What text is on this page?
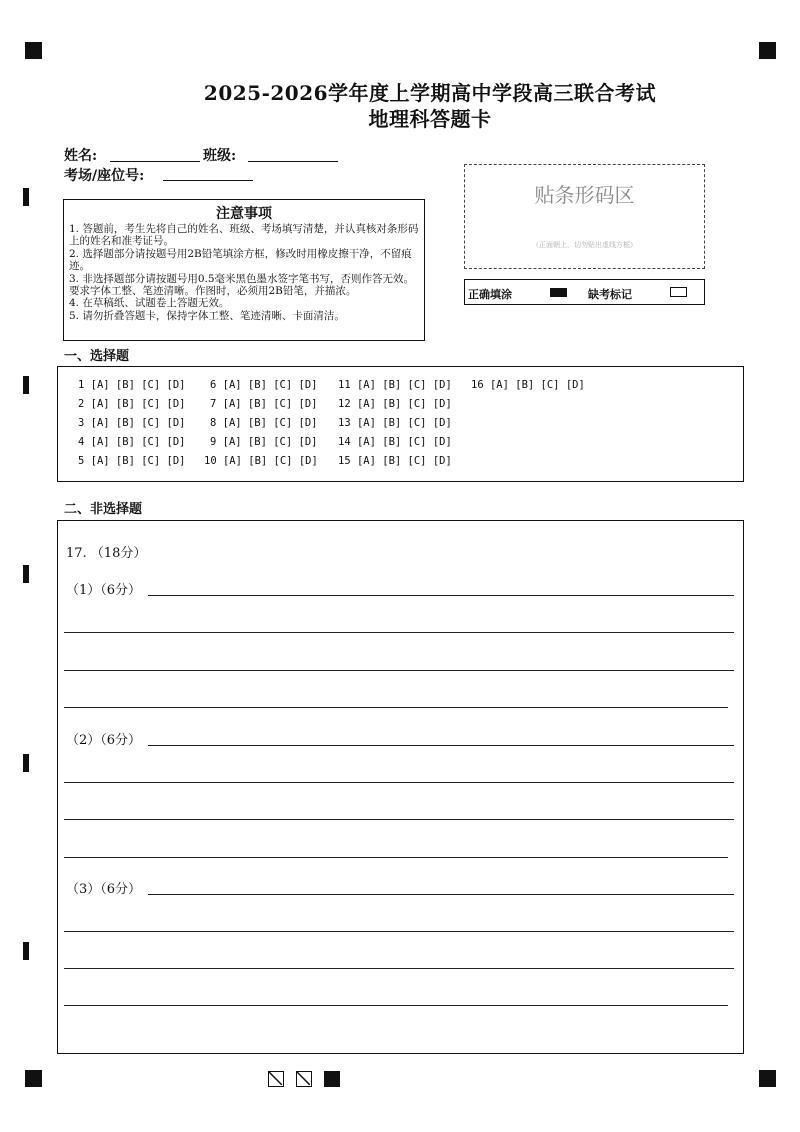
2025-2026学年度上学期高中学段高三联合考试
地理科答题卡
姓名:	班级:
考场/座位号:
注意事项
1. 答题前，考生先将自己的姓名、班级、考场填写清楚，并认真核对条形码上的姓名和准考证号。
2. 选择题部分请按题号用2B铅笔填涂方框，修改时用橡皮擦干净，不留痕迹。
3. 非选择题部分请按题号用0.5毫米黑色墨水签字笔书写，否则作答无效。要求字体工整、笔迹清晰。作图时，必须用2B铅笔，并描浓。
4. 在草稿纸、试题卷上答题无效。
5. 请勿折叠答题卡，保持字体工整、笔迹清晰、卡面清洁。
贴条形码区
（正面朝上，切勿贴出虚线方框）
正确填涂	缺考标记
一、选择题
1 [A] [B] [C] [D]
2 [A] [B] [C] [D]
3 [A] [B] [C] [D]
4 [A] [B] [C] [D]
5 [A] [B] [C] [D]
6 [A] [B] [C] [D]
7 [A] [B] [C] [D]
8 [A] [B] [C] [D]
9 [A] [B] [C] [D]
10 [A] [B] [C] [D]
11 [A] [B] [C] [D]
12 [A] [B] [C] [D]
13 [A] [B] [C] [D]
14 [A] [B] [C] [D]
15 [A] [B] [C] [D]
16 [A] [B] [C] [D]
二、非选择题
17. （18分）
（1）（6分）
（2）（6分）
（3）（6分）
